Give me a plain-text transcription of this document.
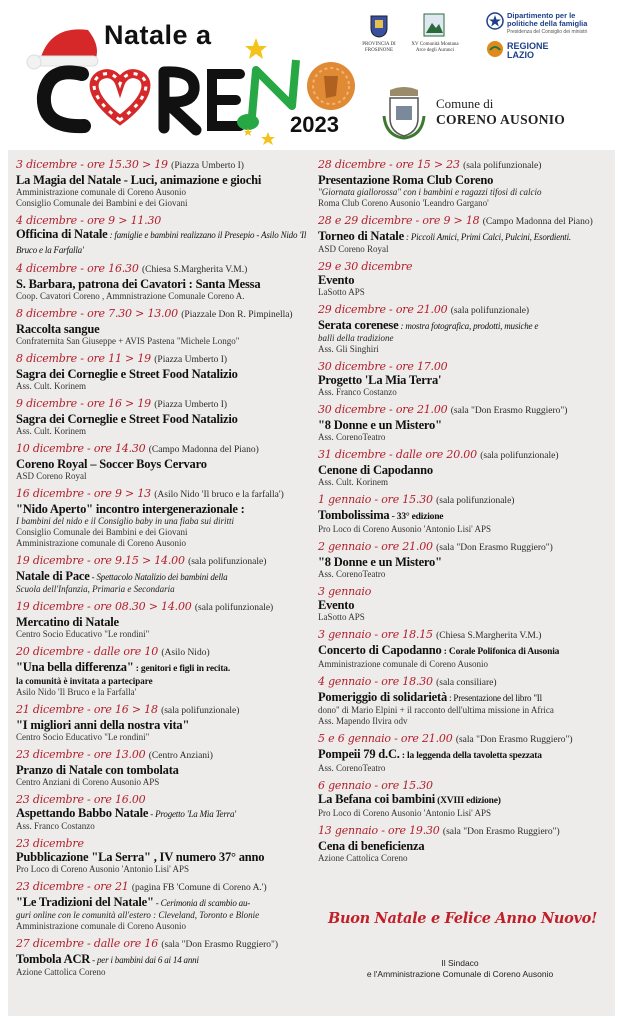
Natale a
2023
PROVINCIA DI FROSINONE
XV Comunità Montana Arce degli Aurunci
Dipartimento per le politiche della famiglia
Presidenza del Consiglio dei ministri
REGIONE LAZIO
Comune di
CORENO AUSONIO
3 dicembre - ore 15.30 > 19 (Piazza Umberto I)
La Magia del Natale - Luci, animazione e giochi
Amministrazione comunale di Coreno Ausonio
Consiglio Comunale dei Bambini e dei Giovani
4 dicembre - ore 9 > 11.30
Officina di Natale : famiglie e bambini realizzano il Presepio - Asilo Nido 'Il Bruco e la Farfalla'
4 dicembre - ore 16.30 (Chiesa S.Margherita V.M.)
S. Barbara, patrona dei Cavatori : Santa Messa
Coop. Cavatori Coreno , Ammnistrazione Comunale Coreno A.
8 dicembre - ore 7.30 > 13.00 (Piazzale Don R. Pimpinella)
Raccolta sangue
Confraternita San Giuseppe + AVIS Pastena "Michele Longo"
8 dicembre - ore 11 > 19 (Piazza Umberto I)
Sagra dei Corneglie e Street Food Natalizio
Ass. Cult. Korinem
9 dicembre - ore 16 > 19 (Piazza Umberto I)
Sagra dei Corneglie e Street Food Natalizio
Ass. Cult. Korinem
10 dicembre - ore 14.30 (Campo Madonna del Piano)
Coreno Royal – Soccer Boys Cervaro
ASD Coreno Royal
16 dicembre - ore 9 > 13 (Asilo Nido 'Il bruco e la farfalla')
"Nido Aperto" incontro intergenerazionale :
I bambini del nido e il Consiglio baby in una fiaba sui diritti
Consiglio Comunale dei Bambini e dei Giovani
Amministrazione comunale di Coreno Ausonio
19 dicembre - ore 9.15 > 14.00 (sala polifunzionale)
Natale di Pace - Spettacolo Natalizio dei bambini della
Scuola dell'Infanzia, Primaria e Secondaria
19 dicembre - ore 08.30 > 14.00 (sala polifunzionale)
Mercatino di Natale
Centro Socio Educativo "Le rondini"
20 dicembre - dalle ore 10 (Asilo Nido)
"Una bella differenza" : genitori e figli in recita.
la comunità è invitata a partecipare
Asilo Nido 'Il Bruco e la Farfalla'
21 dicembre - ore 16 > 18 (sala polifunzionale)
"I migliori anni della nostra vita"
Centro Socio Educativo "Le rondini"
23 dicembre - ore 13.00 (Centro Anziani)
Pranzo di Natale con tombolata
Centro Anziani di Coreno Ausonio APS
23 dicembre - ore 16.00
Aspettando Babbo Natale - Progetto 'La Mia Terra'
Ass. Franco Costanzo
23 dicembre
Pubblicazione "La Serra" , IV numero 37° anno
Pro Loco di Coreno Ausonio 'Antonio Lisi' APS
23 dicembre - ore 21 (pagina FB 'Comune di Coreno A.')
"Le Tradizioni del Natale" - Cerimonia di scambio au-
guri online con le comunità all'estero : Cleveland, Toronto e Blonie
Amministrazione comunale di Coreno Ausonio
27 dicembre - dalle ore 16 (sala "Don Erasmo Ruggiero")
Tombola ACR - per i bambini dai 6 ai 14 anni
Azione Cattolica Coreno
28 dicembre - ore 15 > 23 (sala polifunzionale)
Presentazione Roma Club Coreno
"Giornata giallorossa" con i bambini e ragazzi tifosi di calcio
Roma Club Coreno Ausonio 'Leandro Gargano'
28 e 29 dicembre - ore 9 > 18 (Campo Madonna del Piano)
Torneo di Natale : Piccoli Amici, Primi Calci, Pulcini, Esordienti.
ASD Coreno Royal
29 e 30 dicembre
Evento
LaSotto APS
29 dicembre - ore 21.00 (sala polifunzionale)
Serata corenese : mostra fotografica, prodotti, musiche e
balli della tradizione
Ass. Gli Singhiri
30 dicembre - ore 17.00
Progetto 'La Mia Terra'
Ass. Franco Costanzo
30 dicembre - ore 21.00 (sala "Don Erasmo Ruggiero")
"8 Donne e un Mistero"
Ass. CorenoTeatro
31 dicembre - dalle ore 20.00 (sala polifunzionale)
Cenone di Capodanno
Ass. Cult. Korinem
1 gennaio - ore 15.30 (sala polifunzionale)
Tombolissima - 33° edizione
Pro Loco di Coreno Ausonio 'Antonio Lisi' APS
2 gennaio - ore 21.00 (sala "Don Erasmo Ruggiero")
"8 Donne e un Mistero"
Ass. CorenoTeatro
3 gennaio
Evento
LaSotto APS
3 gennaio - ore 18.15 (Chiesa S.Margherita V.M.)
Concerto di Capodanno : Corale Polifonica di Ausonia
Amministrazione comunale di Coreno Ausonio
4 gennaio - ore 18.30 (sala consiliare)
Pomeriggio di solidarietà : Presentazione del libro "Il
dono" di Mario Elpini + il racconto dell'ultima missione in Africa
Ass. Mapendo Ilvira odv
5 e 6 gennaio - ore 21.00 (sala "Don Erasmo Ruggiero")
Pompeii 79 d.C. : la leggenda della tavoletta spezzata
Ass. CorenoTeatro
6 gennaio - ore 15.30
La Befana coi bambini (XVIII edizione)
Pro Loco di Coreno Ausonio 'Antonio Lisi' APS
13 gennaio - ore 19.30 (sala "Don Erasmo Ruggiero")
Cena di beneficienza
Azione Cattolica Coreno
Buon Natale e Felice Anno Nuovo!
Il Sindaco
e l'Amministrazione Comunale di Coreno Ausonio
